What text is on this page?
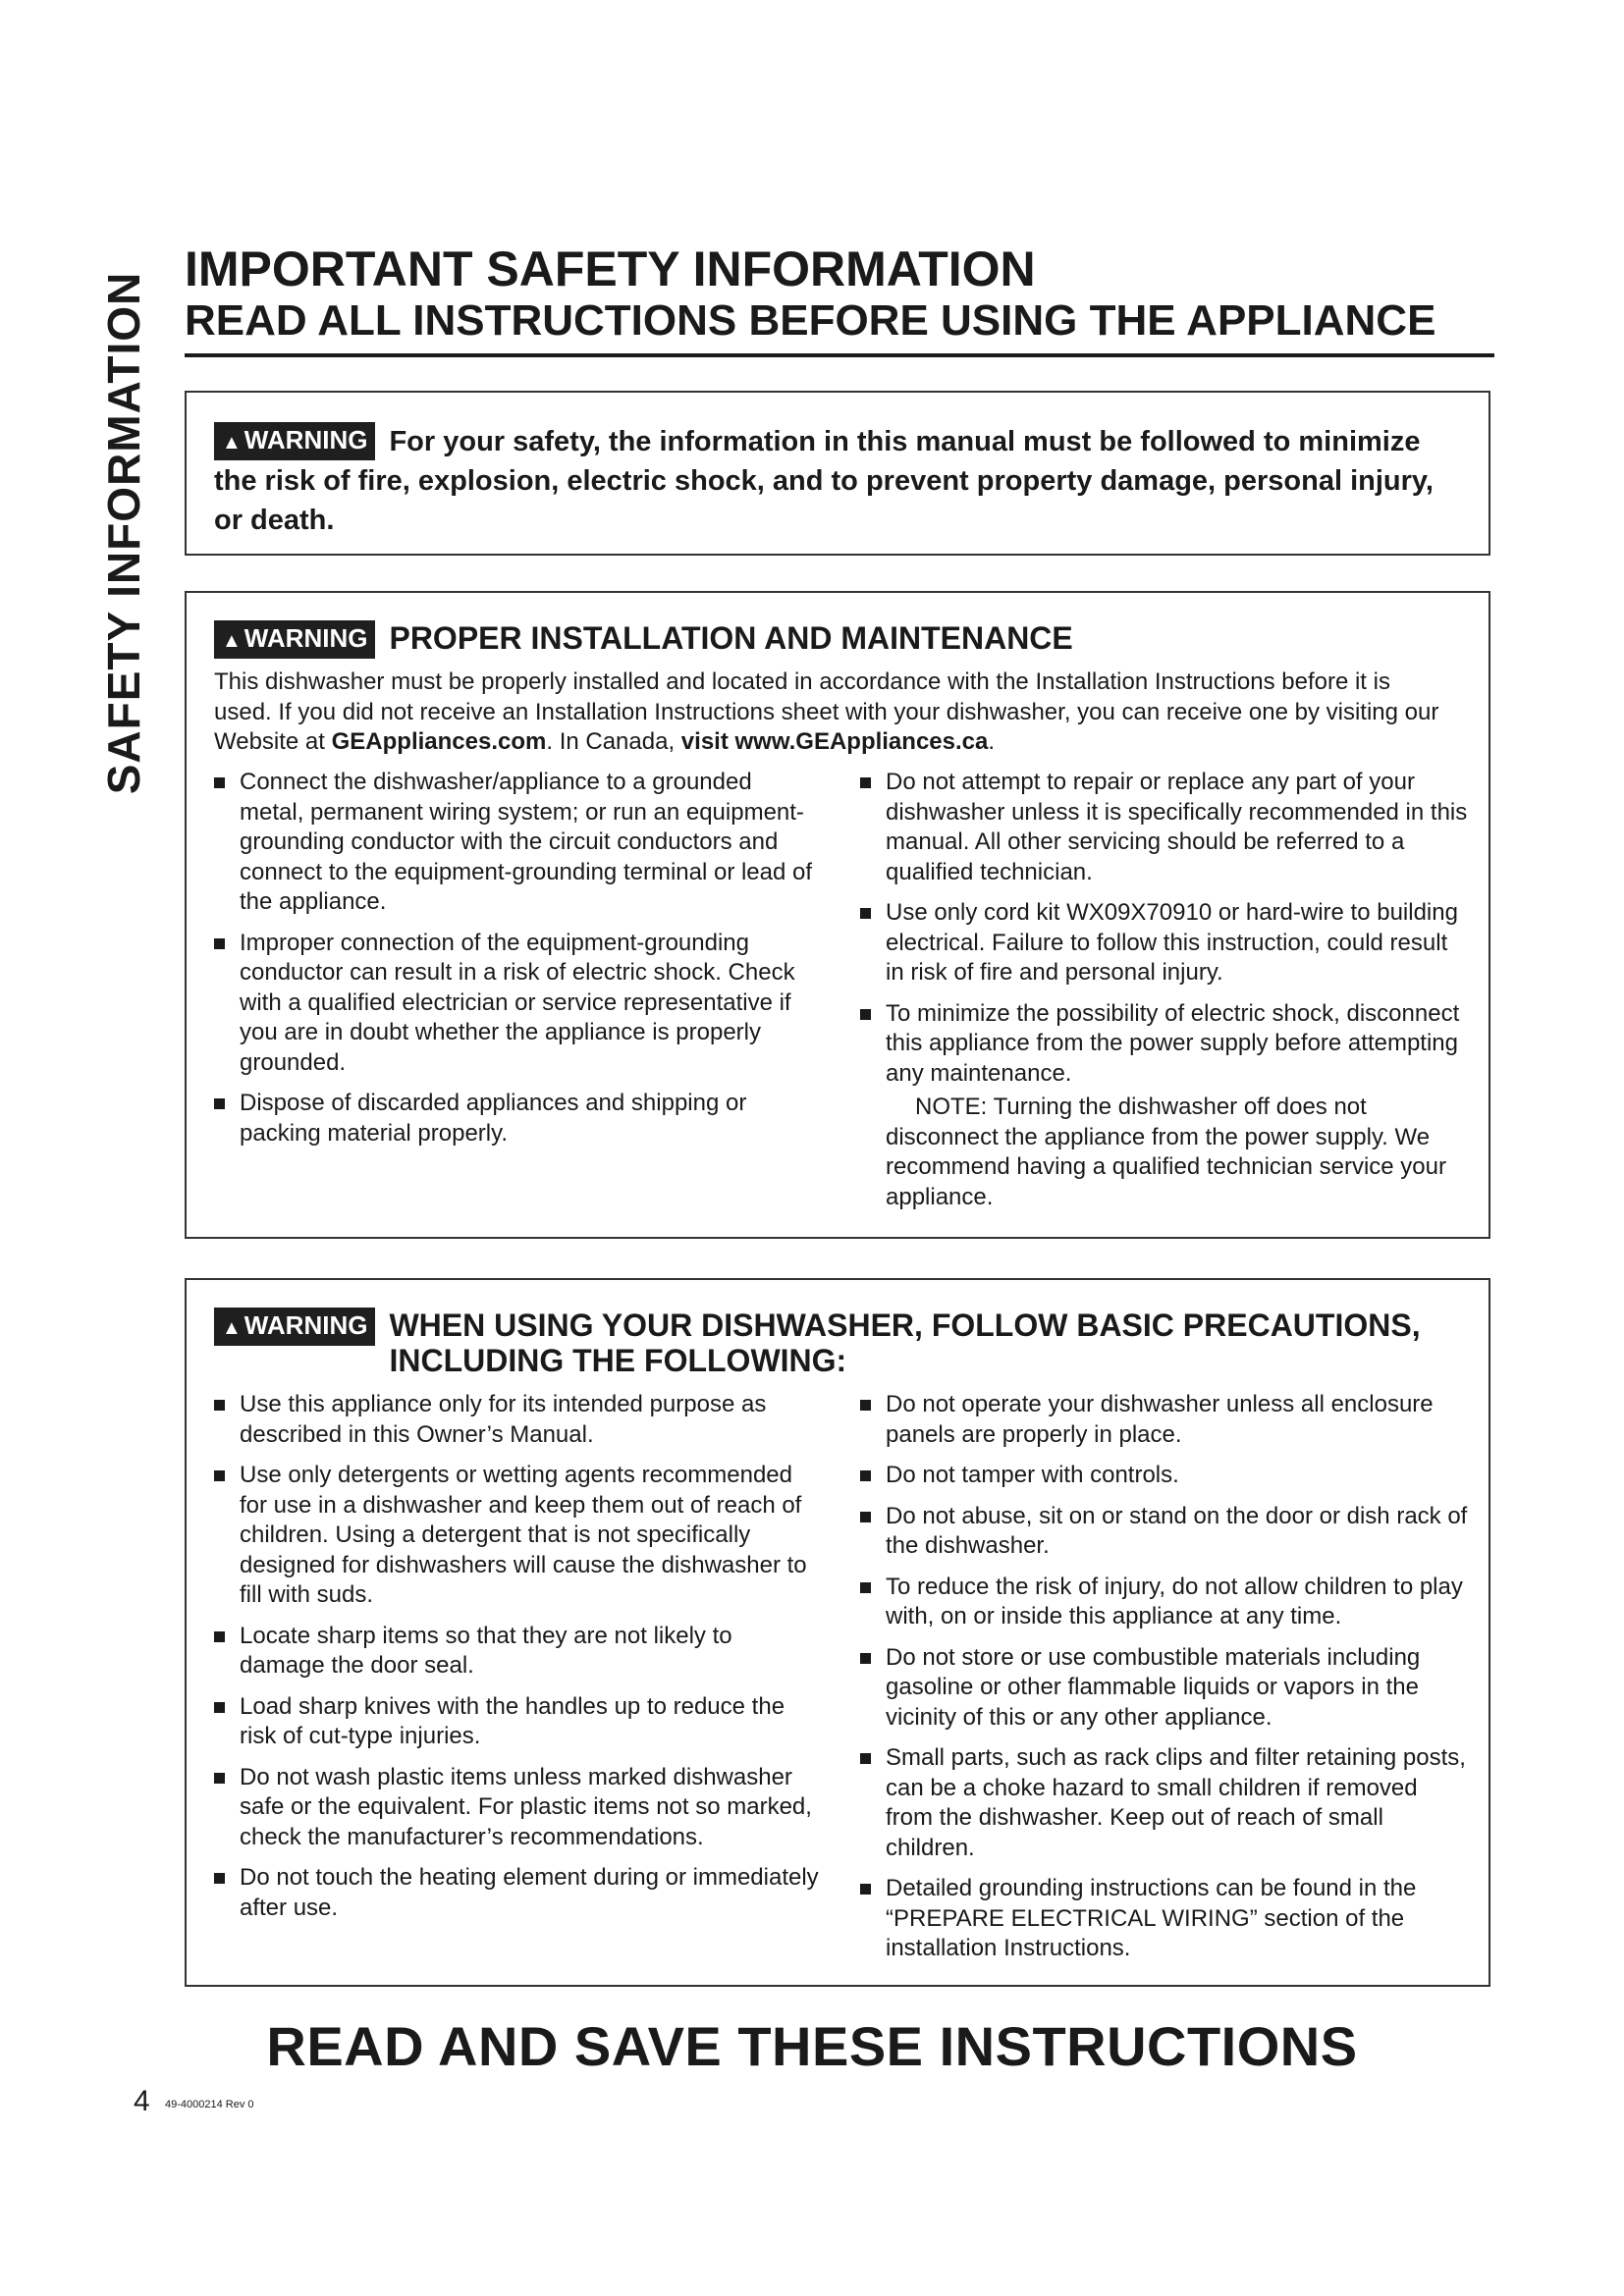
SAFETY INFORMATION
IMPORTANT SAFETY INFORMATION
READ ALL INSTRUCTIONS BEFORE USING THE APPLIANCE
▲ WARNING For your safety, the information in this manual must be followed to minimize the risk of fire, explosion, electric shock, and to prevent property damage, personal injury, or death.
▲ WARNING PROPER INSTALLATION AND MAINTENANCE
This dishwasher must be properly installed and located in accordance with the Installation Instructions before it is used. If you did not receive an Installation Instructions sheet with your dishwasher, you can receive one by visiting our Website at GEAppliances.com. In Canada, visit www.GEAppliances.ca.
Connect the dishwasher/appliance to a grounded metal, permanent wiring system; or run an equipment-grounding conductor with the circuit conductors and connect to the equipment-grounding terminal or lead of the appliance.
Improper connection of the equipment-grounding conductor can result in a risk of electric shock. Check with a qualified electrician or service representative if you are in doubt whether the appliance is properly grounded.
Dispose of discarded appliances and shipping or packing material properly.
Do not attempt to repair or replace any part of your dishwasher unless it is specifically recommended in this manual. All other servicing should be referred to a qualified technician.
Use only cord kit WX09X70910 or hard-wire to building electrical. Failure to follow this instruction, could result in risk of fire and personal injury.
To minimize the possibility of electric shock, disconnect this appliance from the power supply before attempting any maintenance.
NOTE: Turning the dishwasher off does not disconnect the appliance from the power supply. We recommend having a qualified technician service your appliance.
▲ WARNING WHEN USING YOUR DISHWASHER, FOLLOW BASIC PRECAUTIONS,
INCLUDING THE FOLLOWING:
Use this appliance only for its intended purpose as described in this Owner’s Manual.
Use only detergents or wetting agents recommended for use in a dishwasher and keep them out of reach of children. Using a detergent that is not specifically designed for dishwashers will cause the dishwasher to fill with suds.
Locate sharp items so that they are not likely to damage the door seal.
Load sharp knives with the handles up to reduce the risk of cut-type injuries.
Do not wash plastic items unless marked dishwasher safe or the equivalent. For plastic items not so marked, check the manufacturer’s recommendations.
Do not touch the heating element during or immediately after use.
Do not operate your dishwasher unless all enclosure panels are properly in place.
Do not tamper with controls.
Do not abuse, sit on or stand on the door or dish rack of the dishwasher.
To reduce the risk of injury, do not allow children to play with, on or inside this appliance at any time.
Do not store or use combustible materials including gasoline or other flammable liquids or vapors in the vicinity of this or any other appliance.
Small parts, such as rack clips and filter retaining posts, can be a choke hazard to small children if removed from the dishwasher. Keep out of reach of small children.
Detailed grounding instructions can be found in the “PREPARE ELECTRICAL WIRING” section of the installation Instructions.
READ AND SAVE THESE INSTRUCTIONS
4 49-4000214 Rev 0
